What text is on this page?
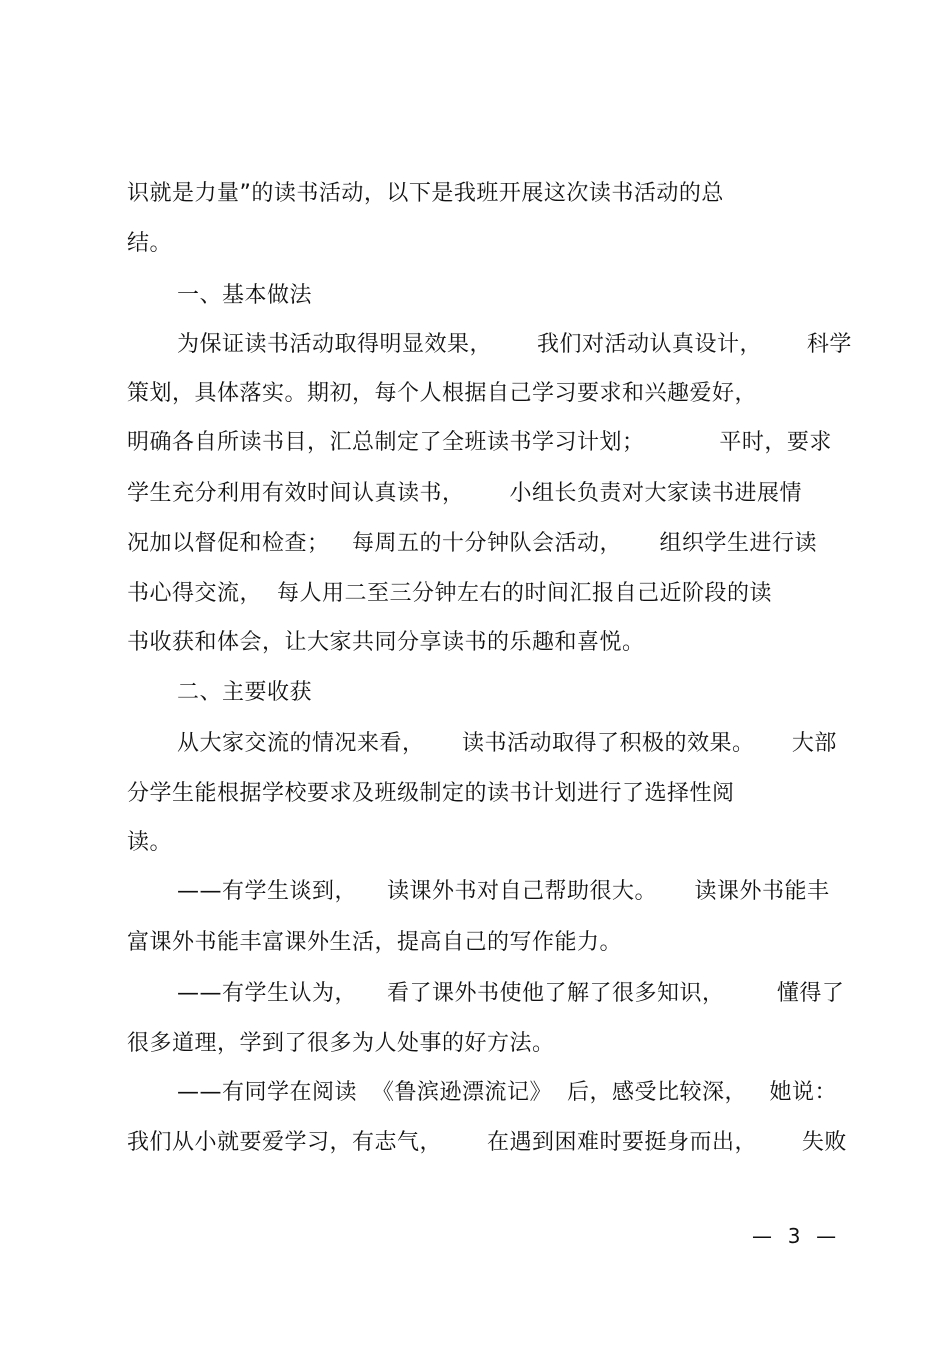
识就是力量”的读书活动，以下是我班开展这次读书活动的总
结。
一、基本做法
为保证读书活动取得明显效果，      我们对活动认真设计，      科学
策划，具体落实。期初，每个人根据自己学习要求和兴趣爱好，
明确各自所读书目，汇总制定了全班读书学习计划；          平时，要求
学生充分利用有效时间认真读书，      小组长负责对大家读书进展情
况加以督促和检查；   每周五的十分钟队会活动，     组织学生进行读
书心得交流，  每人用二至三分钟左右的时间汇报自己近阶段的读
书收获和体会，让大家共同分享读书的乐趣和喜悦。
二、主要收获
从大家交流的情况来看，     读书活动取得了积极的效果。     大部
分学生能根据学校要求及班级制定的读书计划进行了选择性阅
读。
——有学生谈到，    读课外书对自己帮助很大。     读课外书能丰
富课外书能丰富课外生活，提高自己的写作能力。
——有学生认为，    看了课外书使他了解了很多知识，       懂得了
很多道理，学到了很多为人处事的好方法。
——有同学在阅读  《鲁滨逊漂流记》  后，感受比较深，   她说：
我们从小就要爱学习，有志气，      在遇到困难时要挺身而出，      失败
—  3  —
